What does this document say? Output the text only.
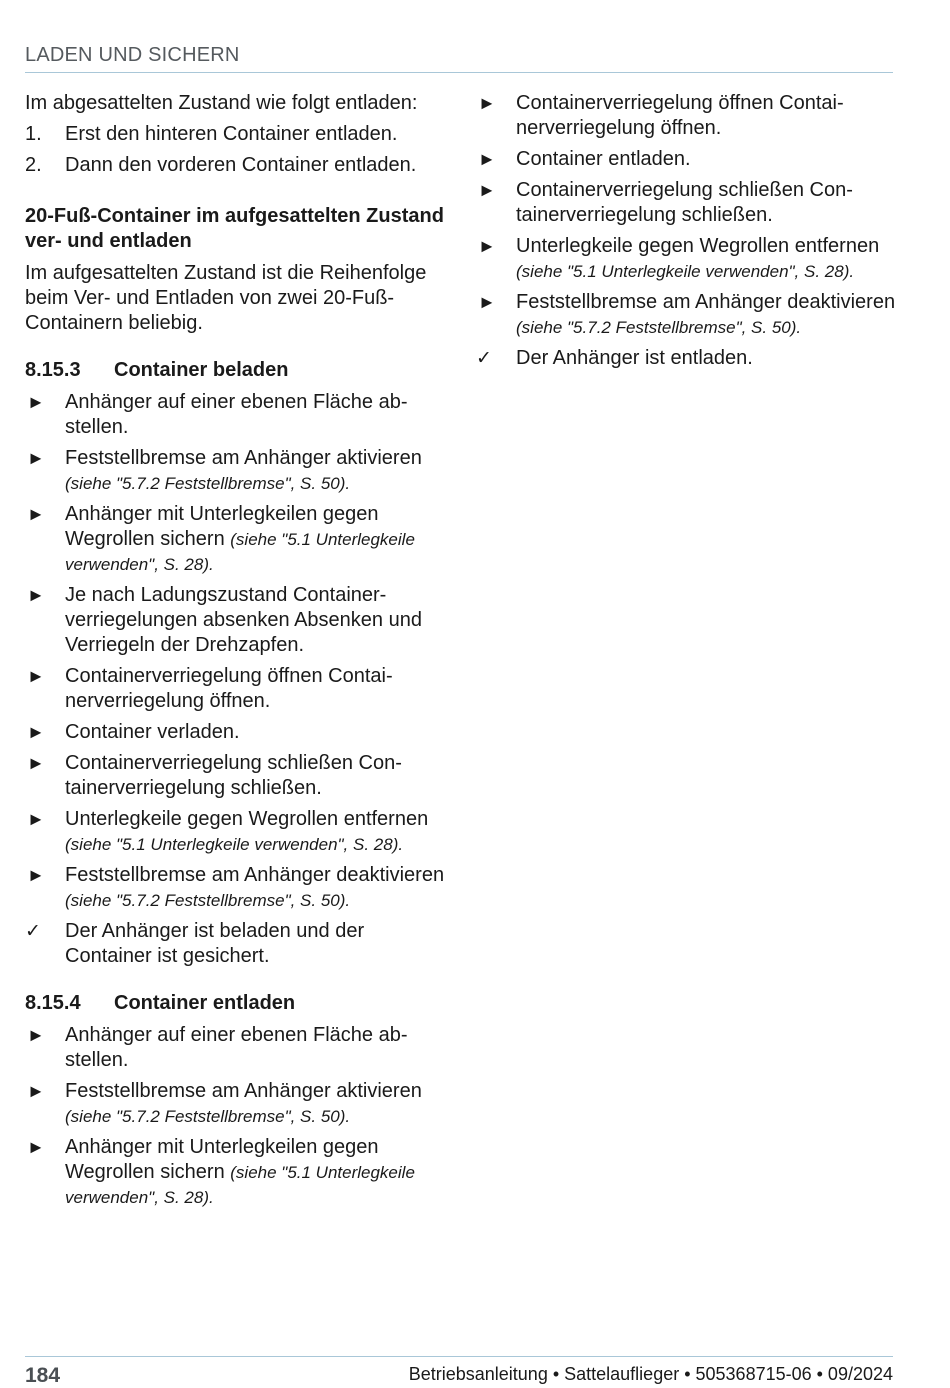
LADEN UND SICHERN

Im abgesattelten Zustand wie folgt entladen:

1. Erst den hinteren Container entladen.
2. Dann den vorderen Container entladen.
20-Fuß-Container im aufgesattelten Zustand ver- und entladen

Im aufgesattelten Zustand ist die Reihenfolge beim Ver- und Entladen von zwei 20-Fuß-Containern beliebig.

8.15.3 Container beladen
► Anhänger auf einer ebenen Fläche abstellen.
► Feststellbremse am Anhänger aktivieren (siehe "5.7.2 Feststellbremse", S. 50).
► Anhänger mit Unterlegkeilen gegen Wegrollen sichern (siehe "5.1 Unterlegkeile verwenden", S. 28).
► Je nach Ladungszustand Containerverriegelungen absenken Absenken und Verriegeln der Drehzapfen.
► Containerverriegelung öffnen Containerverriegelung öffnen.
► Container verladen.
► Containerverriegelung schließen Containerverriegelung schließen.
► Unterlegkeile gegen Wegrollen entfernen (siehe "5.1 Unterlegkeile verwenden", S. 28).
► Feststellbremse am Anhänger deaktivieren (siehe "5.7.2 Feststellbremse", S. 50).
✓ Der Anhänger ist beladen und der Container ist gesichert.
8.15.4 Container entladen
► Anhänger auf einer ebenen Fläche abstellen.
► Feststellbremse am Anhänger aktivieren (siehe "5.7.2 Feststellbremse", S. 50).
► Anhänger mit Unterlegkeilen gegen Wegrollen sichern (siehe "5.1 Unterlegkeile verwenden", S. 28).
► Containerverriegelung öffnen Containerverriegelung öffnen.
► Container entladen.
► Containerverriegelung schließen Containerverriegelung schließen.
► Unterlegkeile gegen Wegrollen entfernen (siehe "5.1 Unterlegkeile verwenden", S. 28).
► Feststellbremse am Anhänger deaktivieren (siehe "5.7.2 Feststellbremse", S. 50).
✓ Der Anhänger ist entladen.
184	Betriebsanleitung • Sattelauflieger • 505368715-06 • 09/2024
